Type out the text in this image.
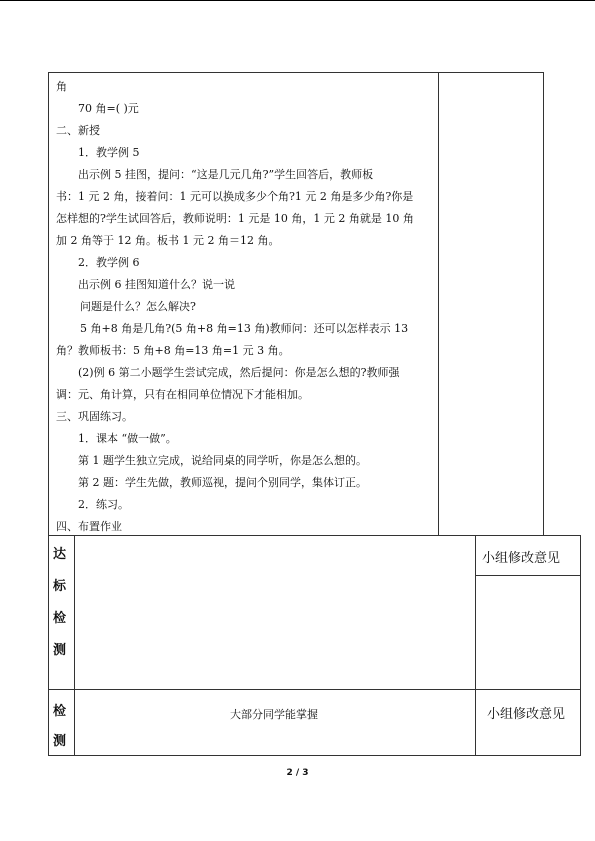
角
70 角=( )元
二、新授
1．教学例 5
出示例 5 挂图，提问：“这是几元几角?”学生回答后，教师板
书：1 元 2 角，接着问：1 元可以换成多少个角?1 元 2 角是多少角?你是
怎样想的?学生试回答后，教师说明：1 元是 10 角，1 元 2 角就是 10 角
加 2 角等于 12 角。板书 1 元 2 角＝12 角。
2．教学例 6
出示例 6 挂图知道什么？说一说
问题是什么？怎么解决?
5 角+8 角是几角?(5 角+8 角=13 角)教师问：还可以怎样表示 13
角？教师板书：5 角+8 角=13 角=1 元 3 角。
(2)例 6 第二小题学生尝试完成，然后提问：你是怎么想的?教师强
调：元、角计算，只有在相同单位情况下才能相加。
三、巩固练习。
1．课本 “做一做”。
第 1 题学生独立完成，说给同桌的同学听，你是怎么想的。
第 2 题：学生先做，教师巡视，提问个别同学，集体订正。
2．练习。
四、布置作业
达
标
检
测
小组修改意见
检
测
大部分同学能掌握	小组修改意见
2 / 3
